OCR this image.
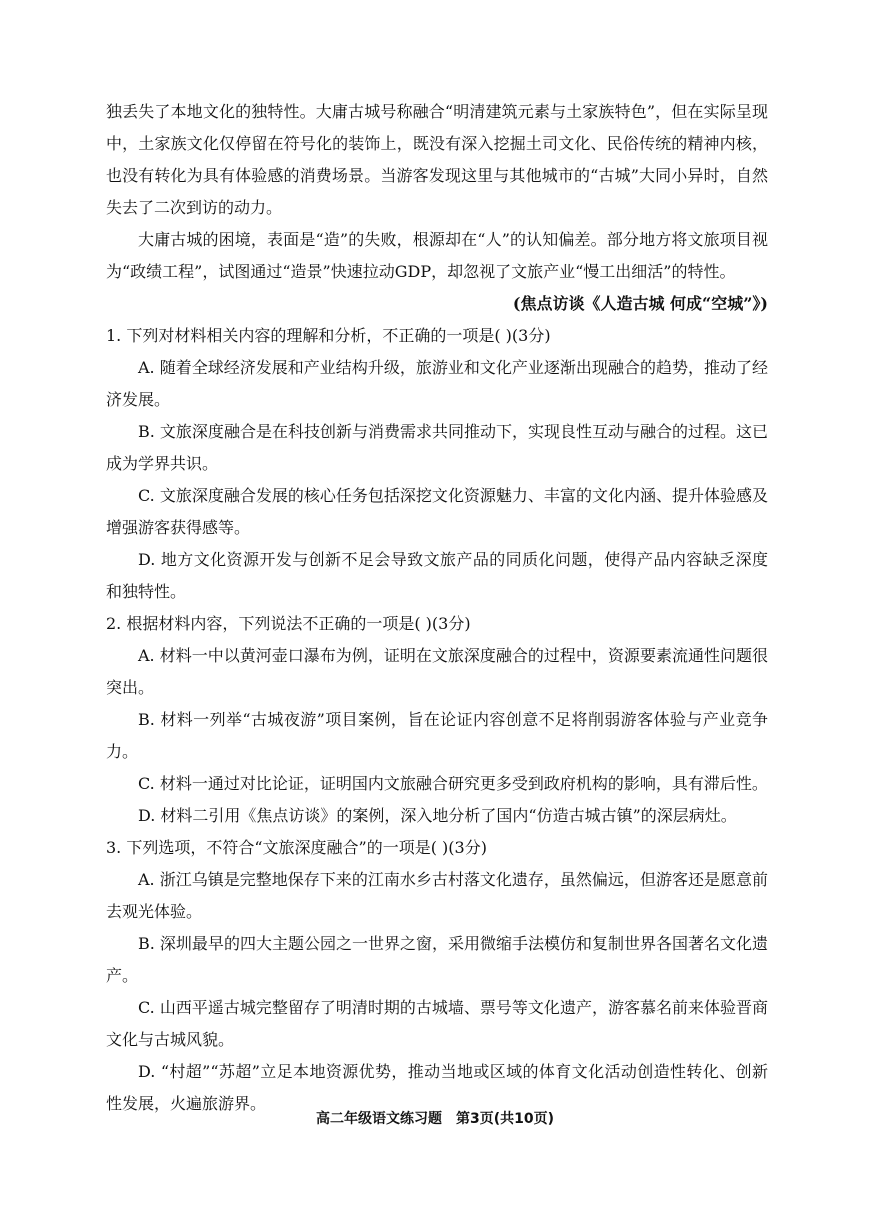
独丢失了本地文化的独特性。大庸古城号称融合“明清建筑元素与土家族特色”，但在实际呈现中，土家族文化仅停留在符号化的装饰上，既没有深入挖掘土司文化、民俗传统的精神内核，也没有转化为具有体验感的消费场景。当游客发现这里与其他城市的“古城”大同小异时，自然失去了二次到访的动力。

大庸古城的困境，表面是“造”的失败，根源却在“人”的认知偏差。部分地方将文旅项目视为“政绩工程”，试图通过“造景”快速拉动GDP，却忽视了文旅产业“慢工出细活”的特性。

(焦点访谈《人造古城 何成“空城”》)

1. 下列对材料相关内容的理解和分析，不正确的一项是( )(3分)

A. 随着全球经济发展和产业结构升级，旅游业和文化产业逐渐出现融合的趋势，推动了经济发展。

B. 文旅深度融合是在科技创新与消费需求共同推动下，实现良性互动与融合的过程。这已成为学界共识。

C. 文旅深度融合发展的核心任务包括深挖文化资源魅力、丰富的文化内涵、提升体验感及增强游客获得感等。

D. 地方文化资源开发与创新不足会导致文旅产品的同质化问题，使得产品内容缺乏深度和独特性。

2. 根据材料内容，下列说法不正确的一项是( )(3分)

A. 材料一中以黄河壶口瀑布为例，证明在文旅深度融合的过程中，资源要素流通性问题很突出。

B. 材料一列举“古城夜游”项目案例，旨在论证内容创意不足将削弱游客体验与产业竞争力。

C. 材料一通过对比论证，证明国内文旅融合研究更多受到政府机构的影响，具有滞后性。

D. 材料二引用《焦点访谈》的案例，深入地分析了国内“仿造古城古镇”的深层病灶。

3. 下列选项，不符合“文旅深度融合”的一项是( )(3分)

A. 浙江乌镇是完整地保存下来的江南水乡古村落文化遗存，虽然偏远，但游客还是愿意前去观光体验。

B. 深圳最早的四大主题公园之一世界之窗，采用微缩手法模仿和复制世界各国著名文化遗产。

C. 山西平遥古城完整留存了明清时期的古城墙、票号等文化遗产，游客慕名前来体验晋商文化与古城风貌。

D. “村超”“苏超”立足本地资源优势，推动当地或区域的体育文化活动创造性转化、创新性发展，火遍旅游界。

高二年级语文练习题　第3页(共10页)
